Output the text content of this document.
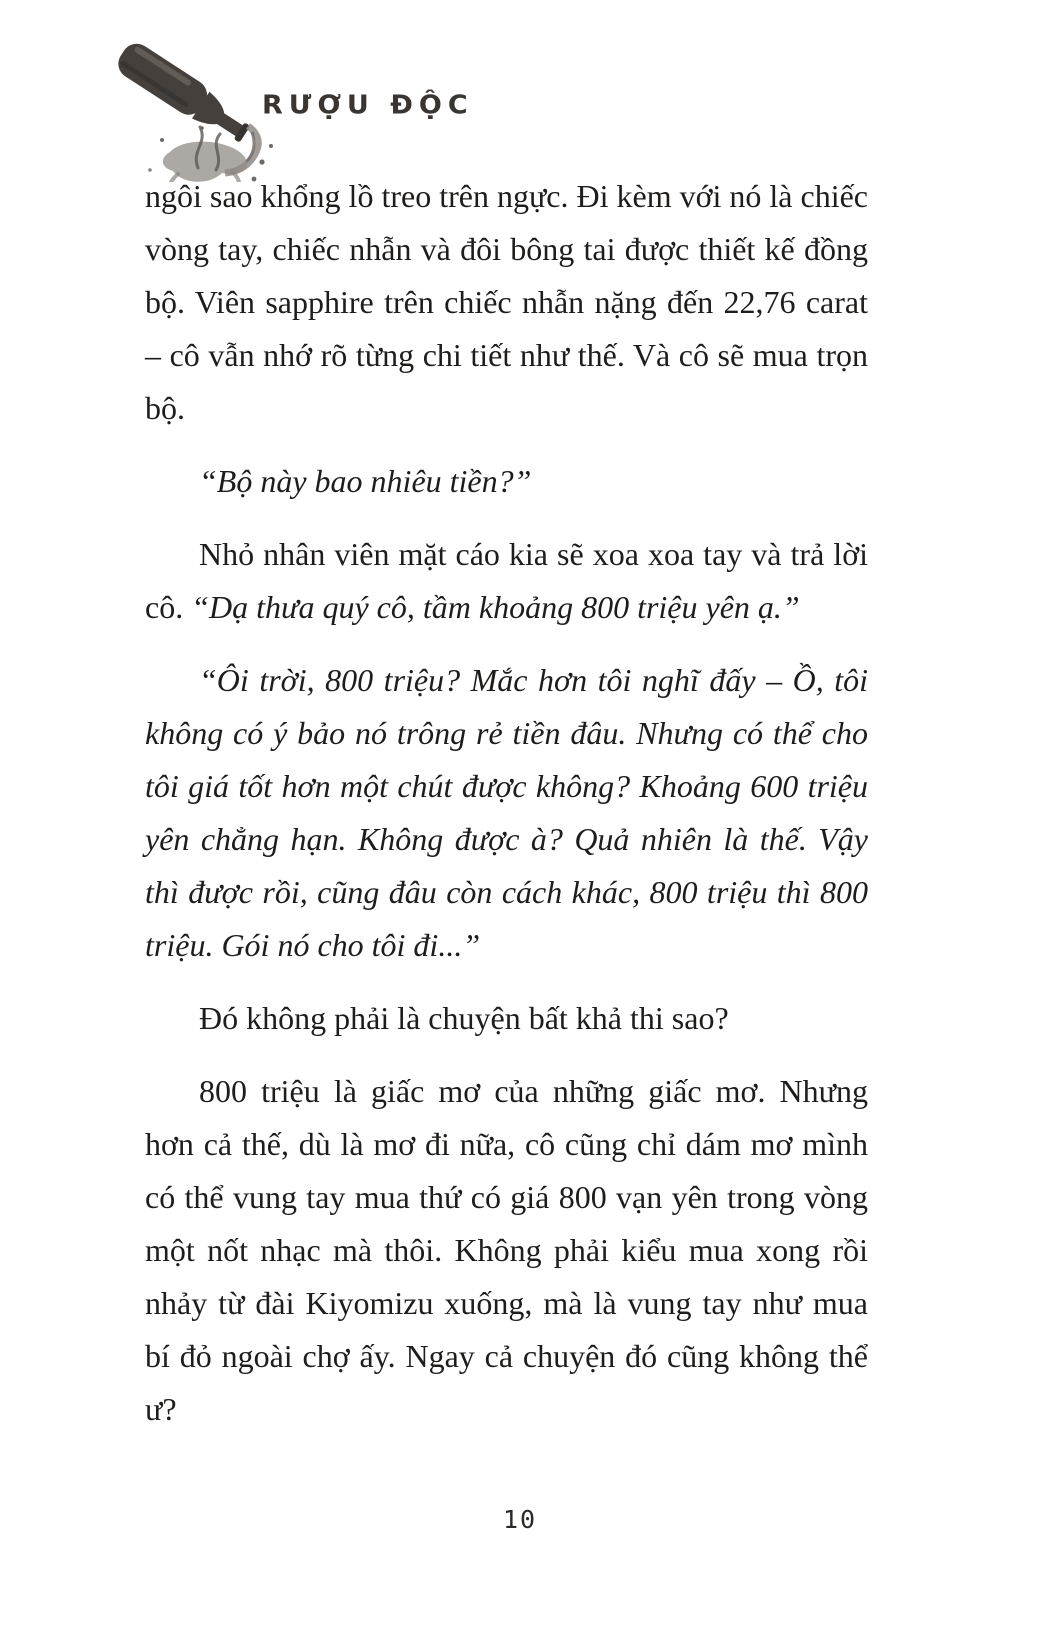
RƯỢU ĐỘC

ngôi sao khổng lồ treo trên ngực. Đi kèm với nó là chiếc vòng tay, chiếc nhẫn và đôi bông tai được thiết kế đồng bộ. Viên sapphire trên chiếc nhẫn nặng đến 22,76 carat – cô vẫn nhớ rõ từng chi tiết như thế. Và cô sẽ mua trọn bộ.

“Bộ này bao nhiêu tiền?”

Nhỏ nhân viên mặt cáo kia sẽ xoa xoa tay và trả lời cô. “Dạ thưa quý cô, tầm khoảng 800 triệu yên ạ.”

“Ôi trời, 800 triệu? Mắc hơn tôi nghĩ đấy – Ồ, tôi không có ý bảo nó trông rẻ tiền đâu. Nhưng có thể cho tôi giá tốt hơn một chút được không? Khoảng 600 triệu yên chẳng hạn. Không được à? Quả nhiên là thế. Vậy thì được rồi, cũng đâu còn cách khác, 800 triệu thì 800 triệu. Gói nó cho tôi đi...”

Đó không phải là chuyện bất khả thi sao?

800 triệu là giấc mơ của những giấc mơ. Nhưng hơn cả thế, dù là mơ đi nữa, cô cũng chỉ dám mơ mình có thể vung tay mua thứ có giá 800 vạn yên trong vòng một nốt nhạc mà thôi. Không phải kiểu mua xong rồi nhảy từ đài Kiyomizu xuống, mà là vung tay như mua bí đỏ ngoài chợ ấy. Ngay cả chuyện đó cũng không thể ư?

10
